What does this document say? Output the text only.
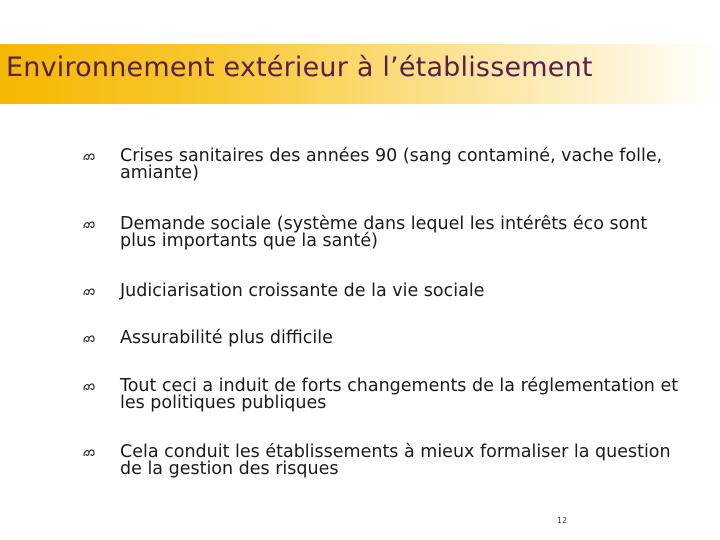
Environnement extérieur à l’établissement
Crises sanitaires des années 90 (sang contaminé, vache folle, amiante)
Demande sociale (système dans lequel les intérêts éco sont plus importants que la santé)
Judiciarisation croissante de la vie sociale
Assurabilité plus difficile
Tout ceci a induit de forts changements de la réglementation et les politiques publiques
Cela conduit les établissements à mieux formaliser la question de la gestion des risques
12
